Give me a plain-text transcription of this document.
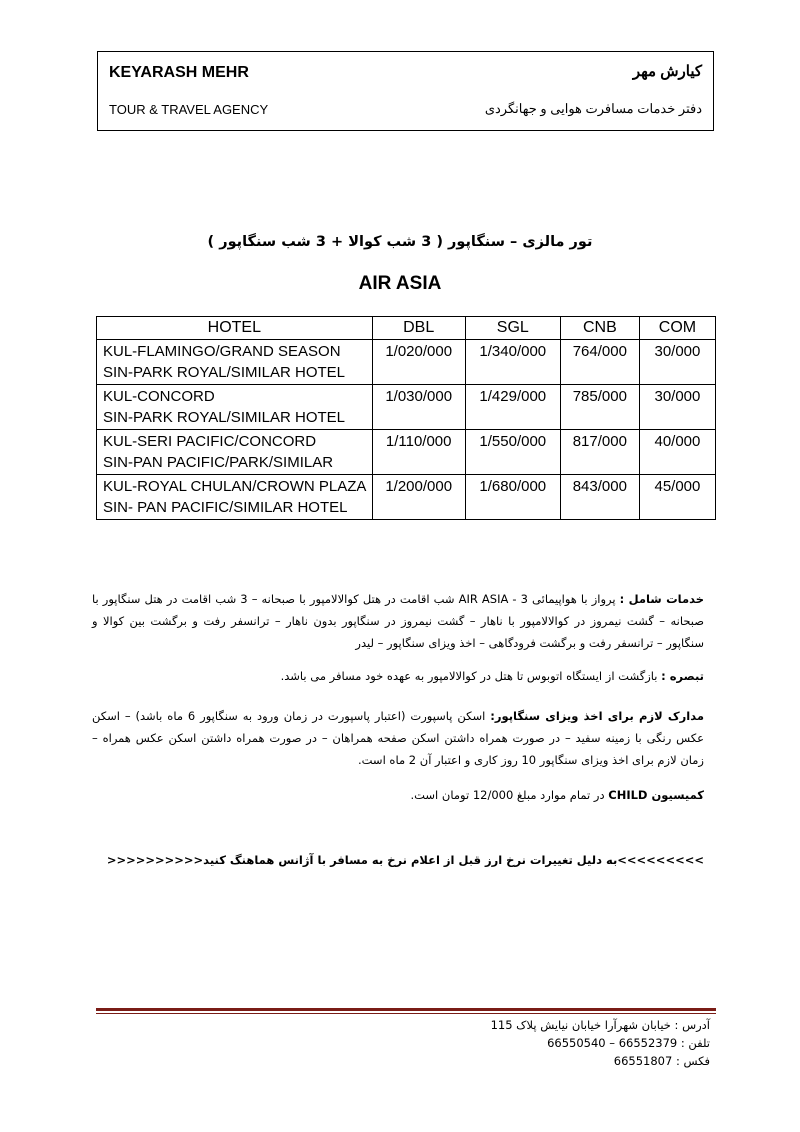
KEYARASH MEHR
TOUR & TRAVEL AGENCY
کیارش مهر
دفتر خدمات مسافرت هوایی و جهانگردی
تور مالزی – سنگاپور ( 3 شب کوالا + 3 شب سنگاپور )
AIR ASIA
HOTEL	DBL	SGL	CNB	COM

KUL-FLAMINGO/GRAND SEASON
SIN-PARK ROYAL/SIMILAR HOTEL	1/020/000	1/340/000	764/000	30/000

KUL-CONCORD
SIN-PARK ROYAL/SIMILAR HOTEL	1/030/000	1/429/000	785/000	30/000

KUL-SERI PACIFIC/CONCORD
SIN-PAN PACIFIC/PARK/SIMILAR	1/110/000	1/550/000	817/000	40/000

KUL-ROYAL CHULAN/CROWN PLAZA
SIN- PAN PACIFIC/SIMILAR HOTEL	1/200/000	1/680/000	843/000	45/000
خدمات شامل : پرواز با هواپیمائی AIR ASIA - 3 شب اقامت در هتل کوالالامپور با صبحانه – 3 شب اقامت در هتل سنگاپور با صبحانه – گشت نیمروز در کوالالامپور با ناهار – گشت نیمروز در سنگاپور بدون ناهار – ترانسفر رفت و برگشت بین کوالا و سنگاپور – ترانسفر رفت و برگشت فرودگاهی – اخذ ویزای سنگاپور – لیدر
تبصره : بازگشت از ایستگاه اتوبوس تا هتل در کوالالامپور به عهده خود مسافر می باشد.
مدارک لازم برای اخذ ویزای سنگاپور: اسکن پاسپورت (اعتبار پاسپورت در زمان ورود به سنگاپور 6 ماه باشد) – اسکن عکس رنگی با زمینه سفید – در صورت همراه داشتن اسکن صفحه همراهان – در صورت همراه داشتن اسکن عکس همراه – زمان لازم برای اخذ ویزای سنگاپور 10 روز کاری و اعتبار آن 2 ماه است.
کمیسیون CHILD در تمام موارد مبلغ 12/000 تومان است.
>>>>>>>>>به دلیل تغییرات نرخ ارز قبل از اعلام نرخ به مسافر با آژانس هماهنگ کنید<<<<<<<<<<
آدرس : خیابان شهرآرا خیابان نیایش پلاک 115
تلفن : 66552379 – 66550540
فکس : 66551807
